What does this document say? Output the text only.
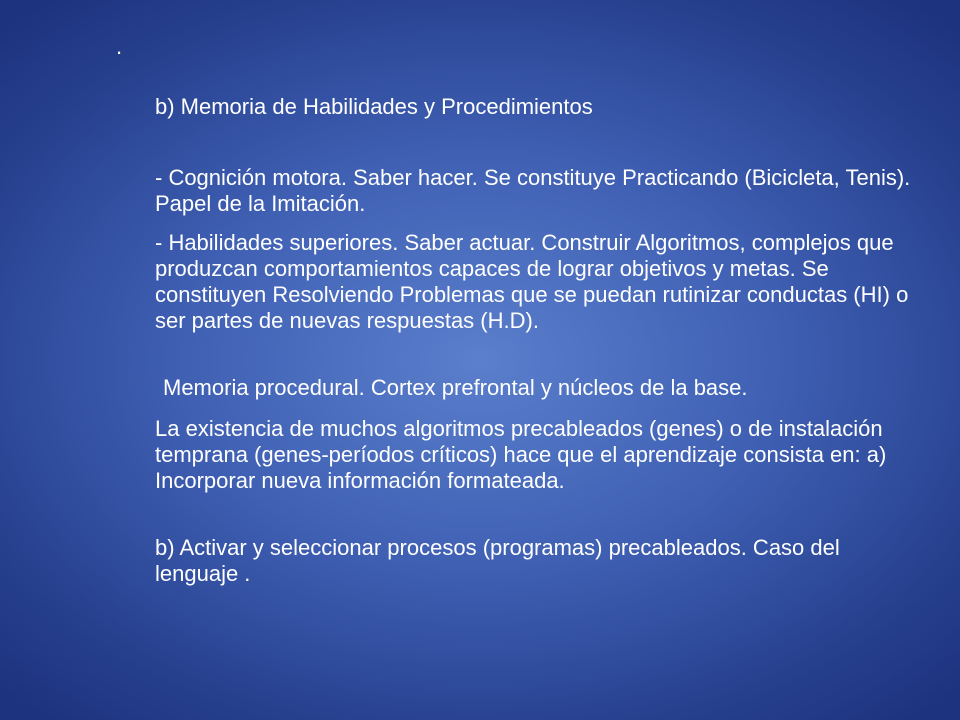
.

b) Memoria de Habilidades y Procedimientos

- Cognición motora. Saber hacer. Se constituye Practicando (Bicicleta, Tenis). Papel de la Imitación.

- Habilidades superiores. Saber actuar. Construir Algoritmos, complejos que produzcan comportamientos capaces de lograr objetivos y metas. Se constituyen Resolviendo Problemas que se puedan rutinizar conductas (HI) o ser partes de nuevas respuestas (H.D).

Memoria procedural. Cortex prefrontal y núcleos de la base.

La existencia de muchos algoritmos precableados (genes) o de instalación temprana (genes-períodos críticos) hace que el aprendizaje consista en: a) Incorporar nueva información formateada.

b) Activar y seleccionar procesos (programas) precableados. Caso del lenguaje .
